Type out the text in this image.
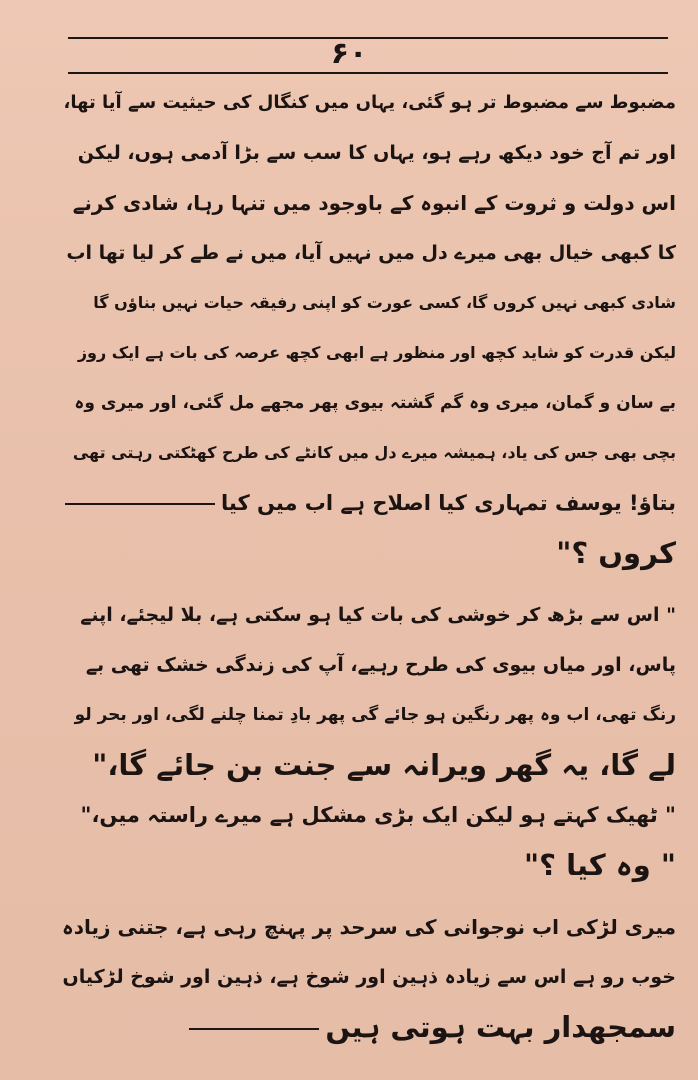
۶۰
مضبوط سے مضبوط تر ہو گئی، یہاں میں کنگال کی حیثیت سے آیا تھا،
اور تم آج خود دیکھ رہے ہو، یہاں کا سب سے بڑا آدمی ہوں، لیکن
اس دولت و ثروت کے انبوہ کے باوجود میں تنہا رہا، شادی کرنے
کا کبھی خیال بھی میرے دل میں نہیں آیا، میں نے طے کر لیا تھا اب
شادی کبھی نہیں کروں گا، کسی عورت کو اپنی رفیقہ حیات نہیں بناؤں گا
لیکن قدرت کو شاید کچھ اور منظور ہے ابھی کچھ عرصہ کی بات ہے ایک روز
بے سان و گمان، میری وہ گم گشتہ بیوی پھر مجھے مل گئی، اور میری وہ
بچی بھی جس کی یاد، ہمیشہ میرے دل میں کانٹے کی طرح کھٹکتی رہتی تھی
بتاؤ! یوسف تمہاری کیا اصلاح ہے اب میں کیا
کروں ؟"
" اس سے بڑھ کر خوشی کی بات کیا ہو سکتی ہے، بلا لیجئے، اپنے
پاس، اور میاں بیوی کی طرح رہیے، آپ کی زندگی خشک تھی بے
رنگ تھی، اب وہ پھر رنگین ہو جائے گی پھر بادِ تمنا چلنے لگی، اور بحر لو
لے گا، یہ گھر ویرانہ سے جنت بن جائے گا،"
" ٹھیک کہتے ہو لیکن ایک بڑی مشکل ہے میرے راستہ میں،"
" وہ کیا ؟"
میری لڑکی اب نوجوانی کی سرحد پر پہنچ رہی ہے، جتنی زیادہ
خوب رو ہے اس سے زیادہ ذہین اور شوخ ہے، ذہین اور شوخ لڑکیاں
سمجھدار بہت ہوتی ہیں
